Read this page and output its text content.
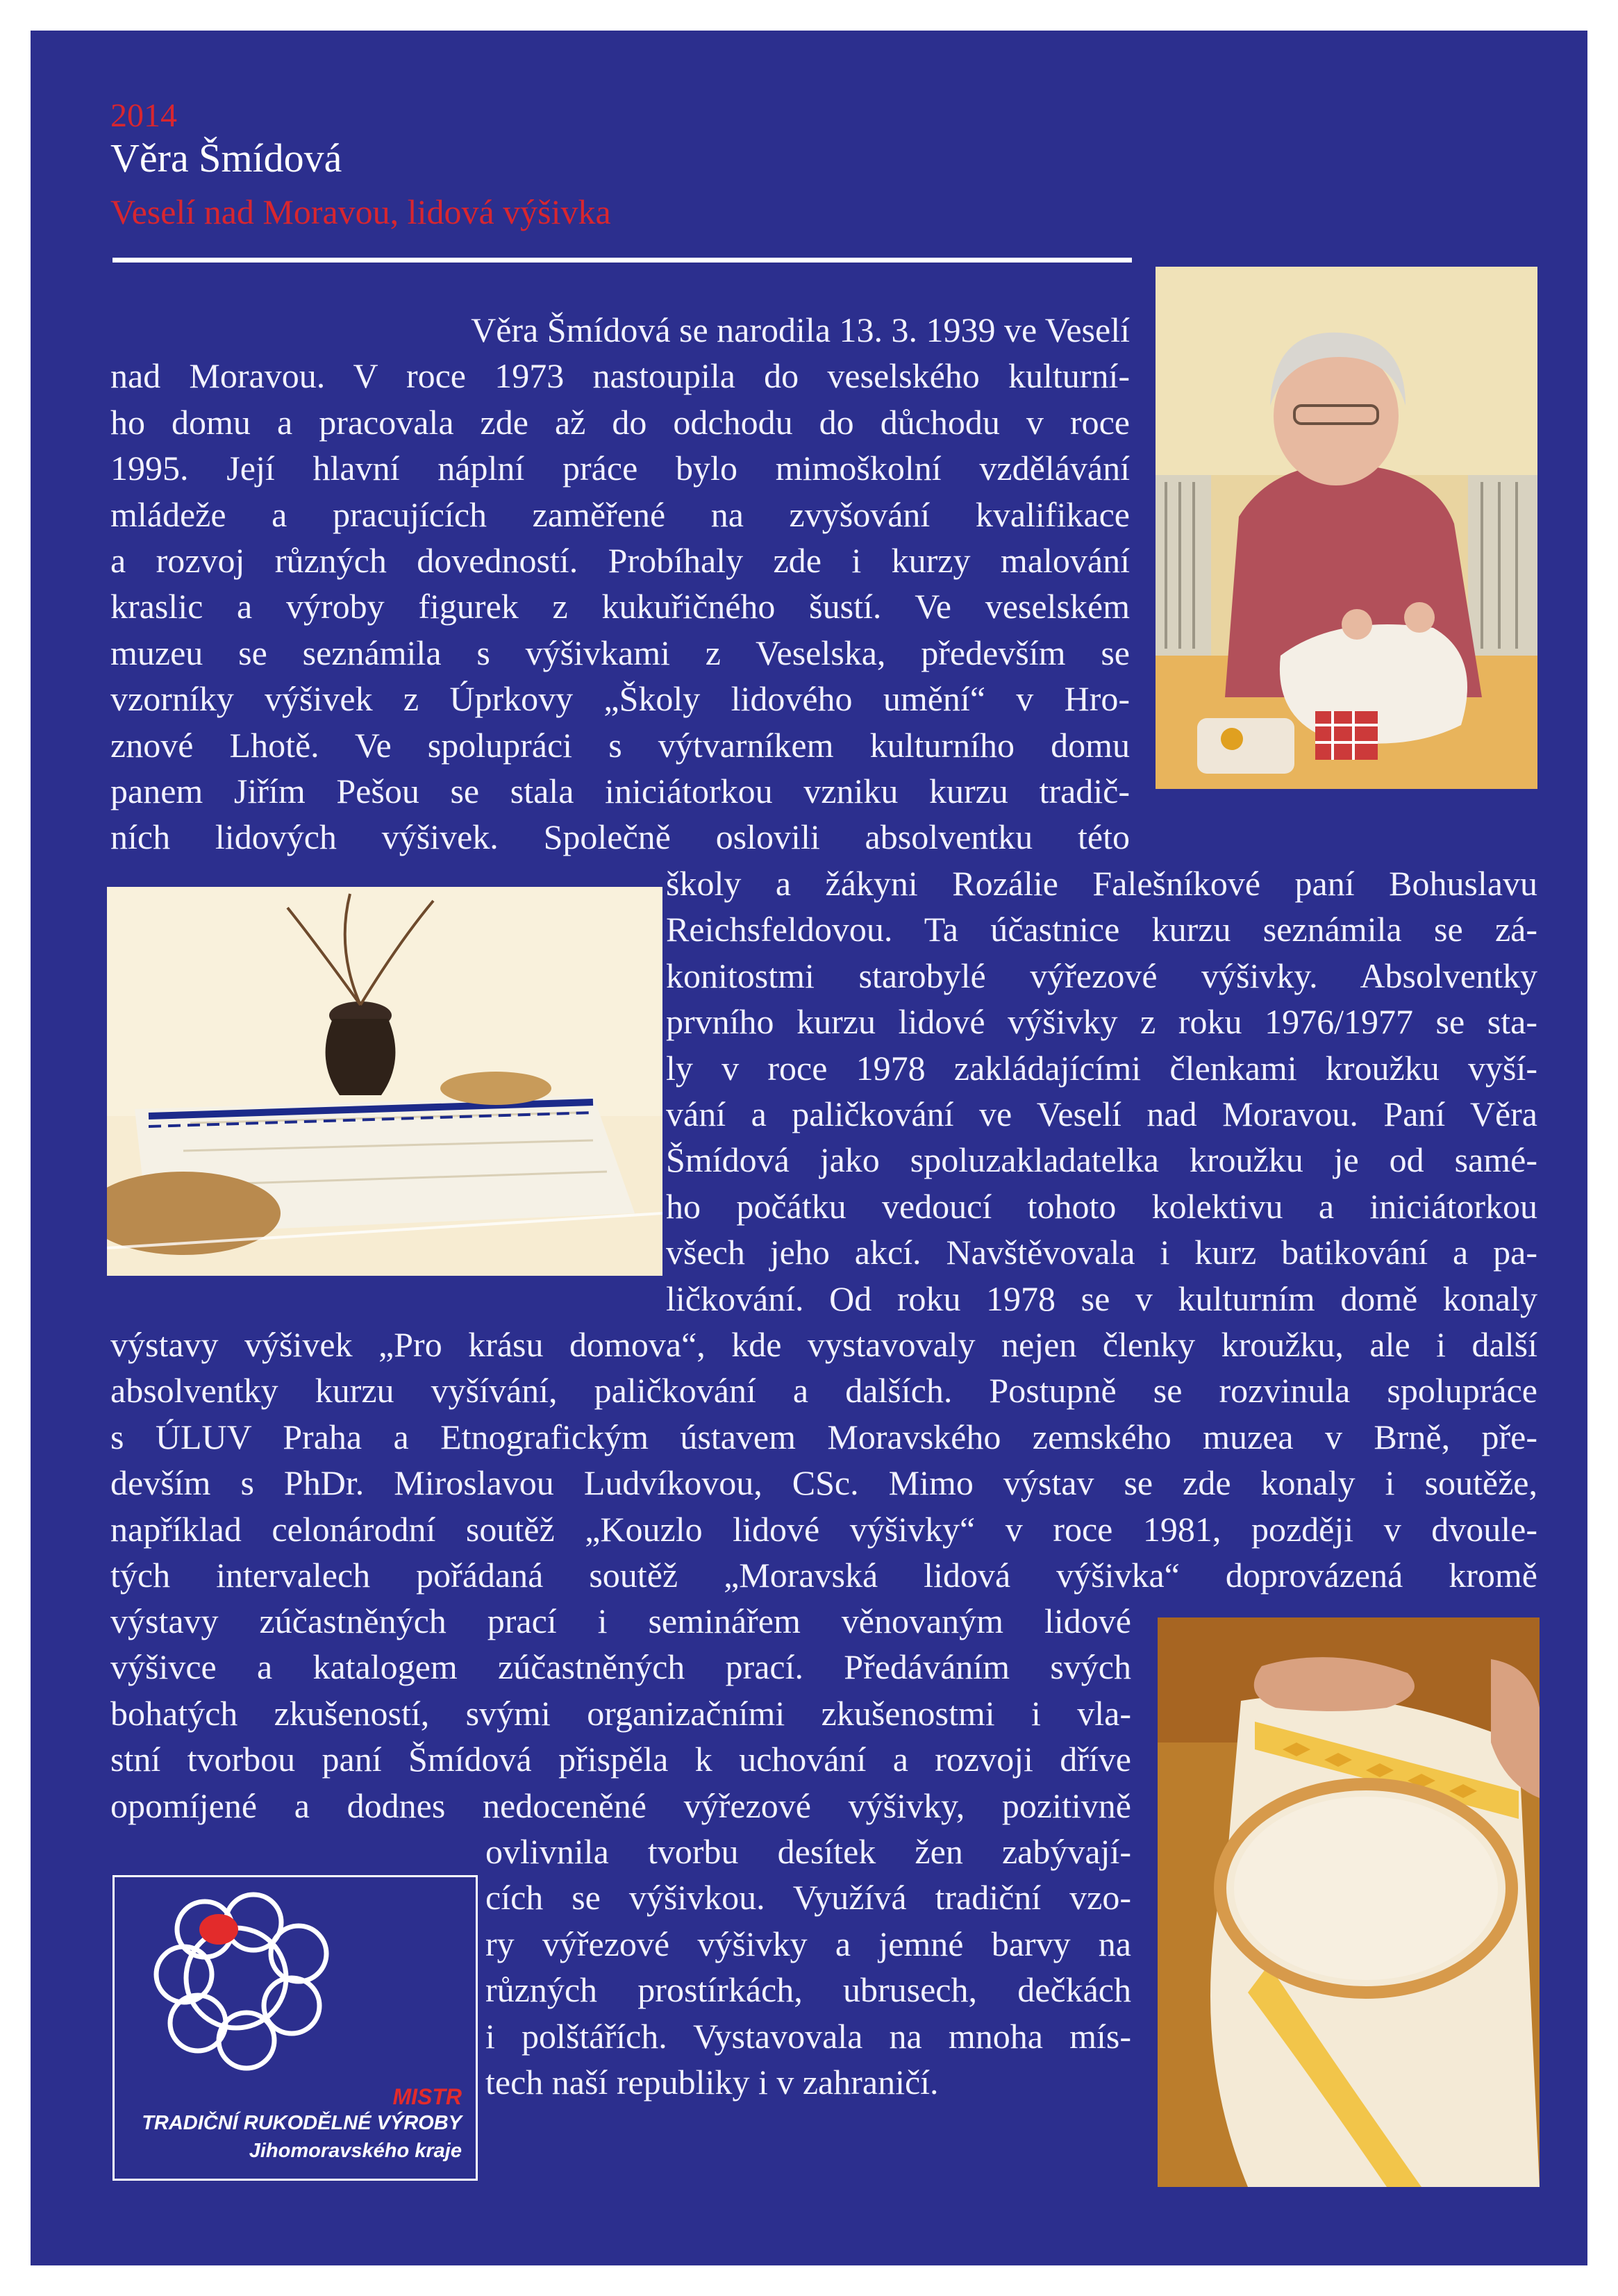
2014
Věra Šmídová
Veselí nad Moravou, lidová výšivka

Věra Šmídová se narodila 13. 3. 1939 ve Veselí
nad Moravou. V roce 1973 nastoupila do veselského kulturní-
ho domu a pracovala zde až do odchodu do důchodu v roce
1995. Její hlavní náplní práce bylo mimoškolní vzdělávání
mládeže a pracujících zaměřené na zvyšování kvalifikace
a rozvoj různých dovedností. Probíhaly zde i kurzy malování
kraslic a výroby figurek z kukuřičného šustí. Ve veselském
muzeu se seznámila s výšivkami z Veselska, především se
vzorníky výšivek z Úprkovy „Školy lidového umění“ v Hro-
znové Lhotě. Ve spolupráci s výtvarníkem kulturního domu
panem Jiřím Pešou se stala iniciátorkou vzniku kurzu tradič-
ních lidových výšivek. Společně oslovili absolventku této

školy a žákyni Rozálie Falešníkové paní Bohuslavu
Reichsfeldovou. Ta účastnice kurzu seznámila se zá-
konitostmi starobylé výřezové výšivky. Absolventky
prvního kurzu lidové výšivky z roku 1976/1977 se sta-
ly v roce 1978 zakládajícími členkami kroužku vyší-
vání a paličkování ve Veselí nad Moravou. Paní Věra
Šmídová jako spoluzakladatelka kroužku je od samé-
ho počátku vedoucí tohoto kolektivu a iniciátorkou
všech jeho akcí. Navštěvovala i kurz batikování a pa-
ličkování. Od roku 1978 se v kulturním domě konaly

výstavy výšivek „Pro krásu domova“, kde vystavovaly nejen členky kroužku, ale i další
absolventky kurzu vyšívání, paličkování a dalších. Postupně se rozvinula spolupráce
s ÚLUV Praha a Etnografickým ústavem Moravského zemského muzea v Brně, pře-
devším s PhDr. Miroslavou Ludvíkovou, CSc. Mimo výstav se zde konaly i soutěže,
například celonárodní soutěž „Kouzlo lidové výšivky“ v roce 1981, později v dvoule-
tých intervalech pořádaná soutěž „Moravská lidová výšivka“ doprovázená kromě

výstavy zúčastněných prací i seminářem věnovaným lidové
výšivce a katalogem zúčastněných prací. Předáváním svých
bohatých zkušeností, svými organizačními zkušenostmi i vla-
stní tvorbou paní Šmídová přispěla k uchování a rozvoji dříve
opomíjené a dodnes nedoceněné výřezové výšivky, pozitivně

ovlivnila tvorbu desítek žen zabývají-
cích se výšivkou. Využívá tradiční vzo-
ry výřezové výšivky a jemné barvy na
různých prostírkách, ubrusech, dečkách
i polštářích. Vystavovala na mnoha mís-
tech naší republiky i v zahraničí.

MISTR
TRADIČNÍ RUKODĚLNÉ VÝROBY
Jihomoravského kraje
